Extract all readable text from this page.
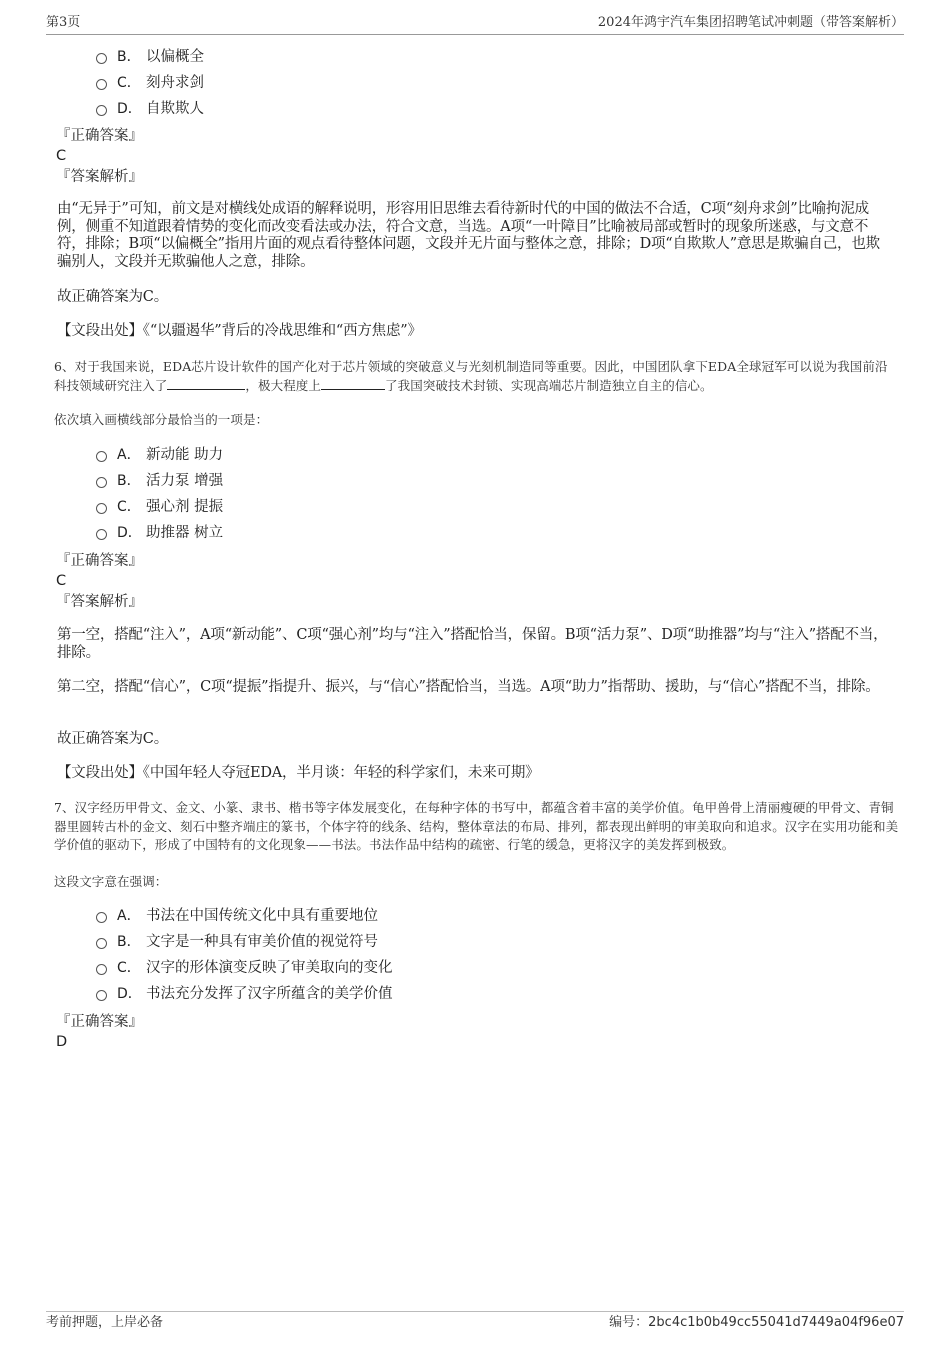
第3页	2024年鸿宇汽车集团招聘笔试冲刺题（带答案解析）
B． 以偏概全
C． 刻舟求剑
D． 自欺欺人
『正确答案』
C
『答案解析』
由“无异于”可知，前文是对横线处成语的解释说明，形容用旧思维去看待新时代的中国的做法不合适，C项“刻舟求剑”比喻拘泥成例，侧重不知道跟着情势的变化而改变看法或办法，符合文意，当选。A项“一叶障目”比喻被局部或暂时的现象所迷惑，与文意不符，排除；B项“以偏概全”指用片面的观点看待整体问题，文段并无片面与整体之意，排除；D项“自欺欺人”意思是欺骗自己，也欺骗别人，文段并无欺骗他人之意，排除。
故正确答案为C。
【文段出处】《“以疆遏华”背后的冷战思维和“西方焦虑”》
6、对于我国来说，EDA芯片设计软件的国产化对于芯片领域的突破意义与光刻机制造同等重要。因此，中国团队拿下EDA全球冠军可以说为我国前沿科技领域研究注入了	，极大程度上	了我国突破技术封锁、实现高端芯片制造独立自主的信心。
依次填入画横线部分最恰当的一项是：
A． 新动能 助力
B． 活力泵 增强
C． 强心剂 提振
D． 助推器 树立
『正确答案』
C
『答案解析』
第一空，搭配“注入”，A项“新动能”、C项“强心剂”均与“注入”搭配恰当，保留。B项“活力泵”、D项“助推器”均与“注入”搭配不当，排除。
第二空，搭配“信心”，C项“提振”指提升、振兴，与“信心”搭配恰当，当选。A项“助力”指帮助、援助，与“信心”搭配不当，排除。
故正确答案为C。
【文段出处】《中国年轻人夺冠EDA，半月谈：年轻的科学家们，未来可期》
7、汉字经历甲骨文、金文、小篆、隶书、楷书等字体发展变化，在每种字体的书写中，都蕴含着丰富的美学价值。龟甲兽骨上清丽瘦硬的甲骨文、青铜器里圆转古朴的金文、刻石中整齐端庄的篆书，个体字符的线条、结构，整体章法的布局、排列，都表现出鲜明的审美取向和追求。汉字在实用功能和美学价值的驱动下，形成了中国特有的文化现象——书法。书法作品中结构的疏密、行笔的缓急，更将汉字的美发挥到极致。
这段文字意在强调：
A． 书法在中国传统文化中具有重要地位
B． 文字是一种具有审美价值的视觉符号
C． 汉字的形体演变反映了审美取向的变化
D． 书法充分发挥了汉字所蕴含的美学价值
『正确答案』
D
考前押题，上岸必备	编号：2bc4c1b0b49cc55041d7449a04f96e07
